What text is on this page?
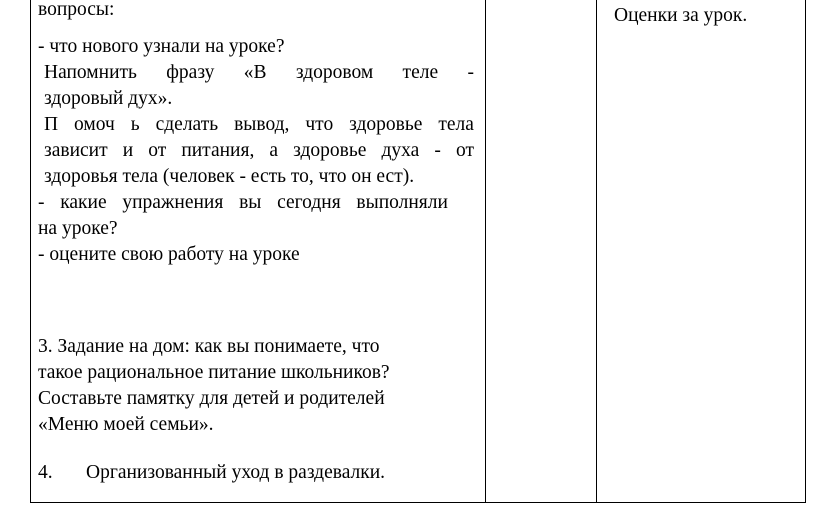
вопросы:
- что нового узнали на уроке?
Напомнить фразу «В здоровом теле -
здоровый дух».
П омоч ь сделать вывод, что здоровье тела
зависит и от питания, а здоровье духа - от
здоровья тела (человек - есть то, что он ест).
- какие упражнения вы сегодня выполняли
на уроке?
- оцените свою работу на уроке
3. Задание на дом: как вы понимаете, что
такое рациональное питание школьников?
Составьте памятку для детей и родителей
«Меню моей семьи».
4.	Организованный уход в раздевалки.
Оценки за урок.
